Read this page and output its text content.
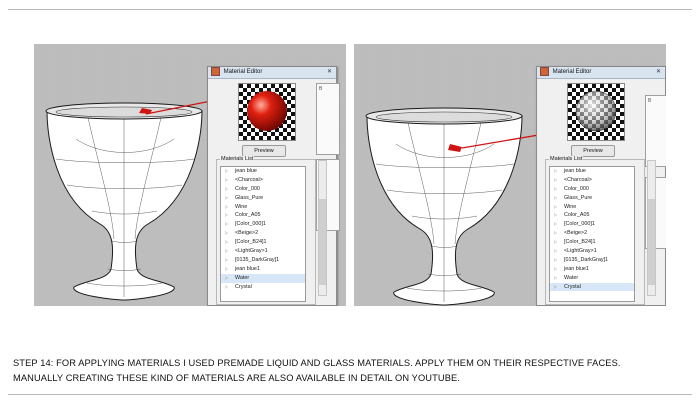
Material Editor	✕
B
Preview
Materials List
▷ jean blue
▷ <Charcoal>
▷ Color_000
▷ Glass_Pure
▷ Wine
▷ Color_A05
▷ [Color_000]1
▷ <Beige>2
▷ [Color_B24]1
▷ <LightGray>1
▷ [0135_DarkGray]1
▷ jean blue1
▷ Water
▷ Crystal
Material Editor	✕
B
Preview
Materials List
▷ jean blue
▷ <Charcoal>
▷ Color_000
▷ Glass_Pure
▷ Wine
▷ Color_A05
▷ [Color_000]1
▷ <Beige>2
▷ [Color_B24]1
▷ <LightGray>1
▷ [0135_DarkGray]1
▷ jean blue1
▷ Water
▷ Crystal

STEP 14: FOR APPLYING MATERIALS I USED PREMADE LIQUID AND GLASS MATERIALS. APPLY THEM ON THEIR RESPECTIVE FACES.
MANUALLY CREATING THESE KIND OF MATERIALS ARE ALSO AVAILABLE IN DETAIL ON YOUTUBE.
